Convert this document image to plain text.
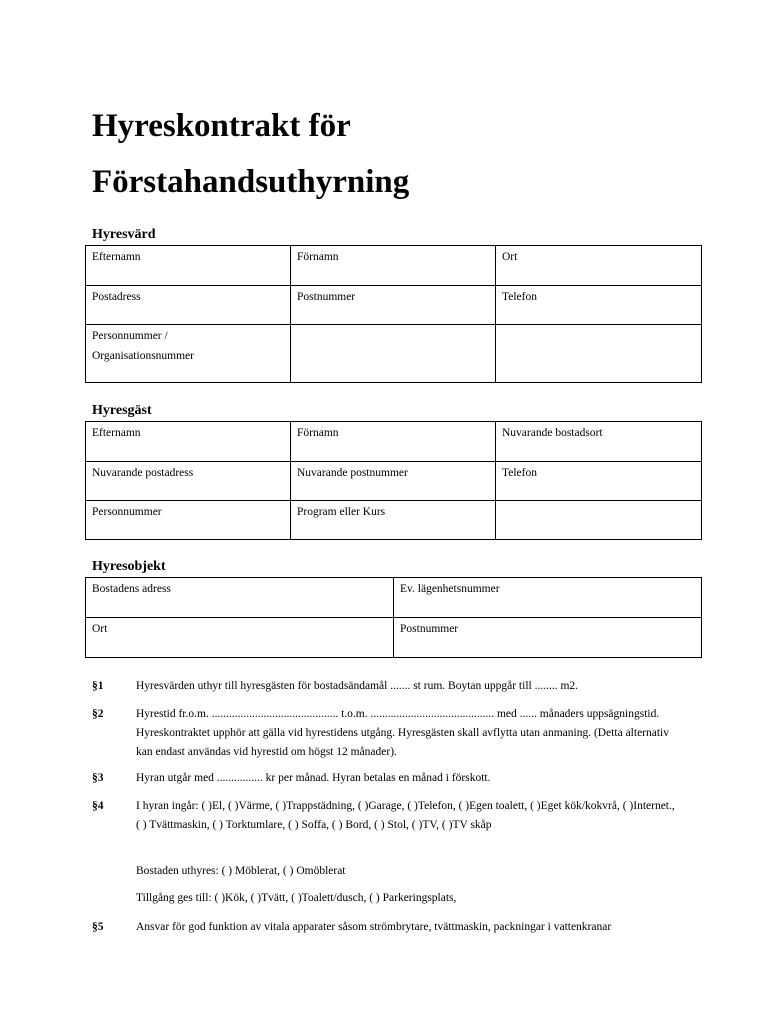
Hyreskontrakt för
Förstahandsuthyrning
Hyresvärd
Efternamn	Förnamn	Ort
Postadress	Postnummer	Telefon
Personnummer /
Organisationsnummer		
Hyresgäst
Efternamn	Förnamn	Nuvarande bostadsort
Nuvarande postadress	Nuvarande postnummer	Telefon
Personnummer	Program eller Kurs	
Hyresobjekt
Bostadens adress	Ev. lägenhetsnummer
Ort	Postnummer
§1	Hyresvärden uthyr till hyresgästen för bostadsändamål ....... st rum. Boytan uppgår till ........ m2.
§2	Hyrestid fr.o.m. ............................................ t.o.m. ........................................... med ...... månaders uppsägningstid. Hyreskontraktet upphör att gälla vid hyrestidens utgång. Hyresgästen skall avflytta utan anmaning. (Detta alternativ kan endast användas vid hyrestid om högst 12 månader).
§3	Hyran utgår med ................ kr per månad. Hyran betalas en månad i förskott.
§4	I hyran ingår: ( )El, ( )Värme, ( )Trappstädning, ( )Garage, ( )Telefon, ( )Egen toalett, ( )Eget kök/kokvrå, ( )Internet., ( ) Tvättmaskin, ( ) Torktumlare, ( ) Soffa, ( ) Bord, ( ) Stol, ( )TV, ( )TV skåp
Bostaden uthyres: ( ) Möblerat, ( ) Omöblerat
Tillgång ges till: ( )Kök, ( )Tvätt, ( )Toalett/dusch, ( ) Parkeringsplats,
§5	Ansvar för god funktion av vitala apparater såsom strömbrytare, tvättmaskin, packningar i vattenkranar
